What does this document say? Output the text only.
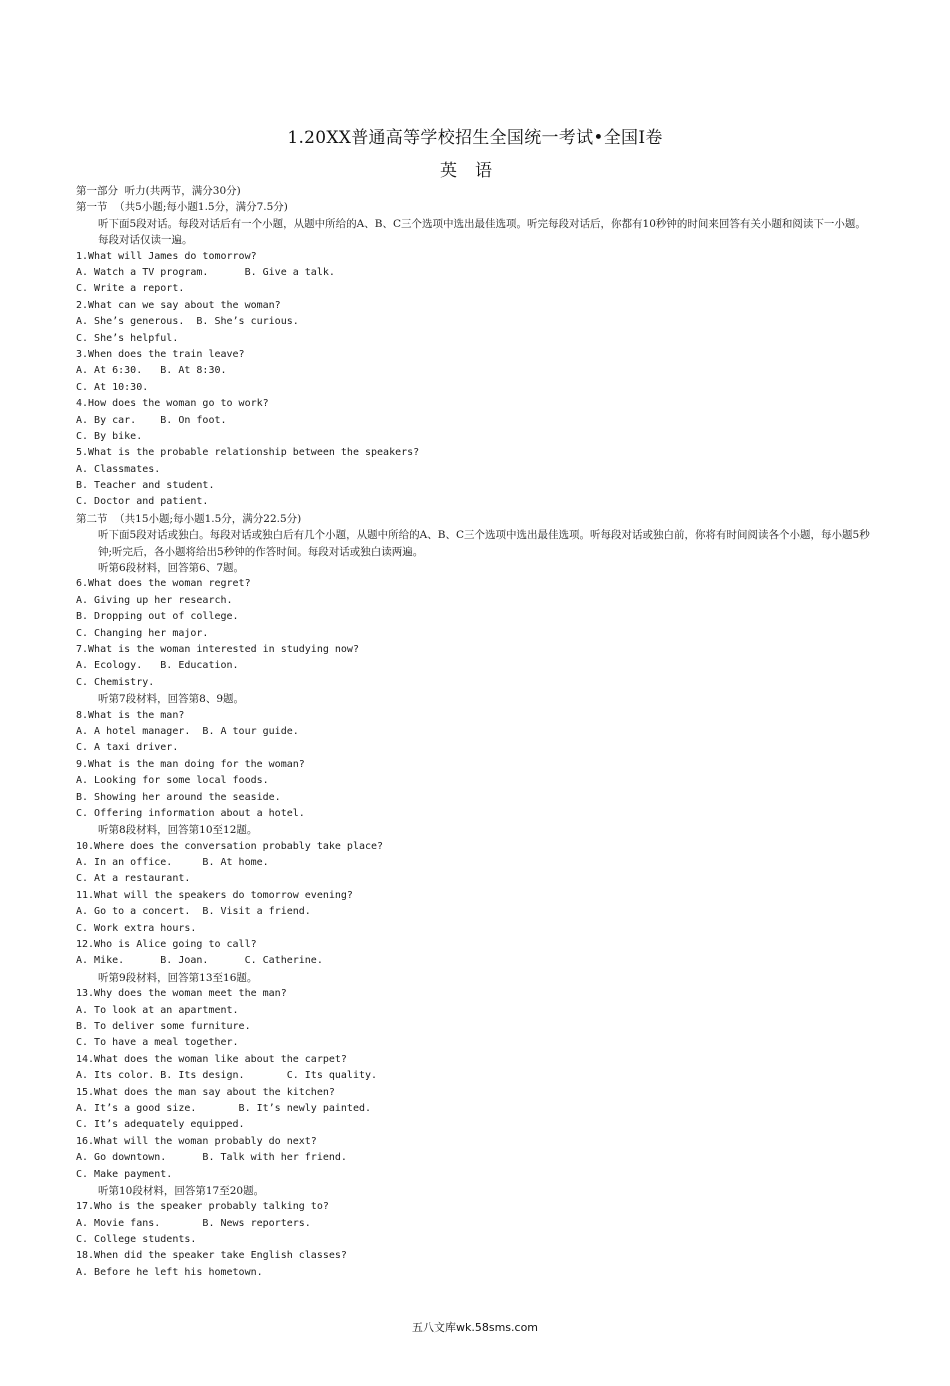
1.20XX普通高等学校招生全国统一考试•全国Ⅰ卷
英语
第一部分  听力(共两节，满分30分)
第一节  （共5小题;每小题1.5分，满分7.5分)
听下面5段对话。每段对话后有一个小题，从题中所给的A、B、C三个选项中选出最佳选项。听完每段对话后，你都有10秒钟的时间来回答有关小题和阅读下一小题。每段对话仅读一遍。
1.What will James do tomorrow?
A. Watch a TV program.      B. Give a talk.
C. Write a report.
2.What can we say about the woman?
A. She’s generous.  B. She’s curious.
C. She’s helpful.
3.When does the train leave?
A. At 6:30.   B. At 8:30.
C. At 10:30.
4.How does the woman go to work?
A. By car.    B. On foot.
C. By bike.
5.What is the probable relationship between the speakers?
A. Classmates.
B. Teacher and student.
C. Doctor and patient.
第二节  （共15小题;每小题1.5分，满分22.5分)
听下面5段对话或独白。每段对话或独白后有几个小题，从题中所给的A、B、C三个选项中选出最佳选项。听每段对话或独白前，你将有时间阅读各个小题，每小题5秒钟;听完后，各小题将给出5秒钟的作答时间。每段对话或独白读两遍。
听第6段材料，回答第6、7题。
6.What does the woman regret?
A. Giving up her research.
B. Dropping out of college.
C. Changing her major.
7.What is the woman interested in studying now?
A. Ecology.   B. Education.
C. Chemistry.
听第7段材料，回答第8、9题。
8.What is the man?
A. A hotel manager.  B. A tour guide.
C. A taxi driver.
9.What is the man doing for the woman?
A. Looking for some local foods.
B. Showing her around the seaside.
C. Offering information about a hotel.
听第8段材料，回答第10至12题。
10.Where does the conversation probably take place?
A. In an office.     B. At home.
C. At a restaurant.
11.What will the speakers do tomorrow evening?
A. Go to a concert.  B. Visit a friend.
C. Work extra hours.
12.Who is Alice going to call?
A. Mike.      B. Joan.      C. Catherine.
听第9段材料，回答第13至16题。
13.Why does the woman meet the man?
A. To look at an apartment.
B. To deliver some furniture.
C. To have a meal together.
14.What does the woman like about the carpet?
A. Its color. B. Its design.       C. Its quality.
15.What does the man say about the kitchen?
A. It’s a good size.       B. It’s newly painted.
C. It’s adequately equipped.
16.What will the woman probably do next?
A. Go downtown.      B. Talk with her friend.
C. Make payment.
听第10段材料，回答第17至20题。
17.Who is the speaker probably talking to?
A. Movie fans.       B. News reporters.
C. College students.
18.When did the speaker take English classes?
A. Before he left his hometown.
五八文库wk.58sms.com
